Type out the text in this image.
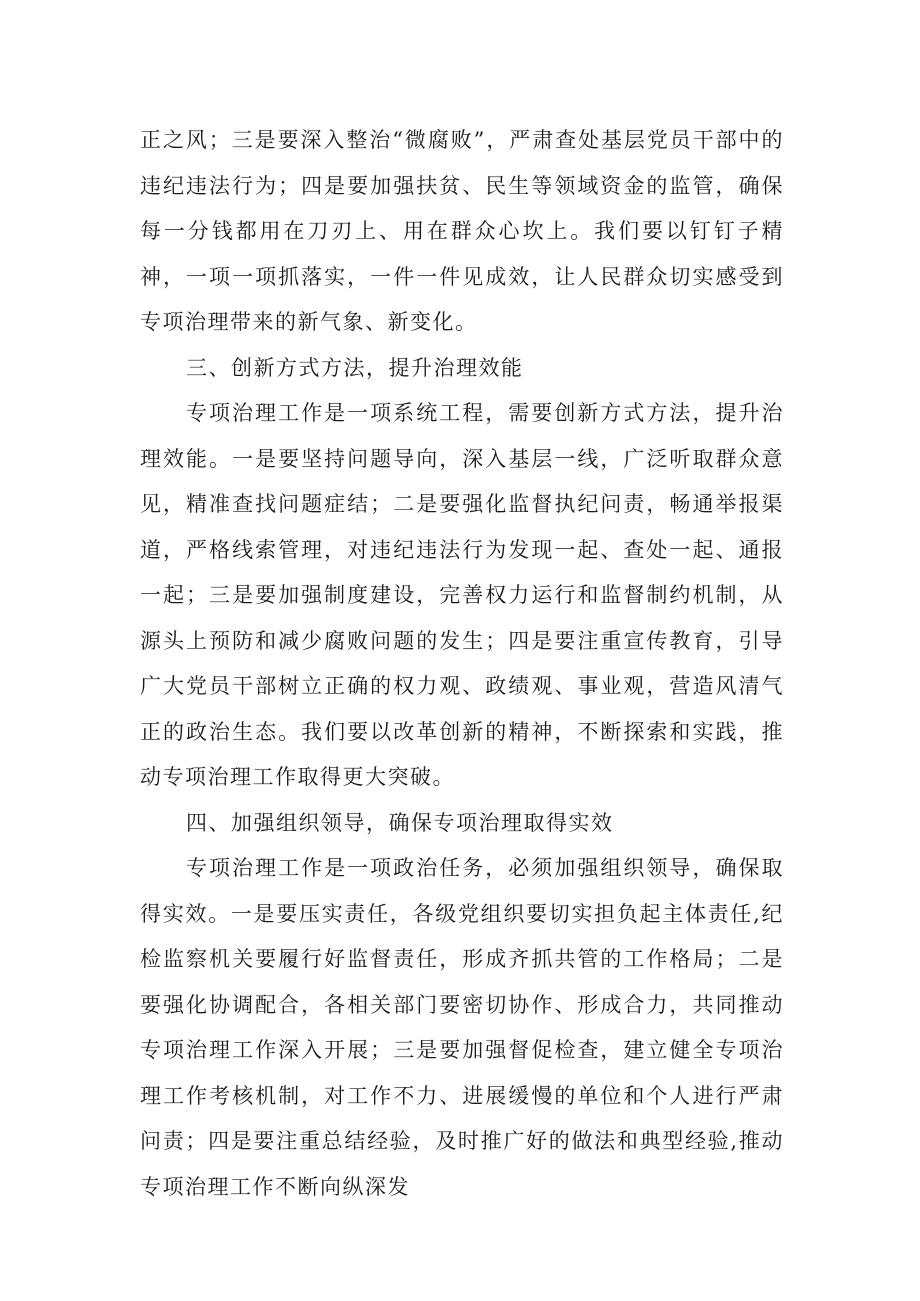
正之风；三是要深入整治“微腐败”，严肃查处基层党员干部中的违纪违法行为；四是要加强扶贫、民生等领域资金的监管，确保每一分钱都用在刀刃上、用在群众心坎上。我们要以钉钉子精神，一项一项抓落实，一件一件见成效，让人民群众切实感受到专项治理带来的新气象、新变化。

三、创新方式方法，提升治理效能

专项治理工作是一项系统工程，需要创新方式方法，提升治理效能。一是要坚持问题导向，深入基层一线，广泛听取群众意见，精准查找问题症结；二是要强化监督执纪问责，畅通举报渠道，严格线索管理，对违纪违法行为发现一起、查处一起、通报一起；三是要加强制度建设，完善权力运行和监督制约机制，从源头上预防和减少腐败问题的发生；四是要注重宣传教育，引导广大党员干部树立正确的权力观、政绩观、事业观，营造风清气正的政治生态。我们要以改革创新的精神，不断探索和实践，推动专项治理工作取得更大突破。

四、加强组织领导，确保专项治理取得实效

专项治理工作是一项政治任务，必须加强组织领导，确保取得实效。一是要压实责任，各级党组织要切实担负起主体责任,纪检监察机关要履行好监督责任，形成齐抓共管的工作格局；二是要强化协调配合，各相关部门要密切协作、形成合力，共同推动专项治理工作深入开展；三是要加强督促检查，建立健全专项治理工作考核机制，对工作不力、进展缓慢的单位和个人进行严肃问责；四是要注重总结经验，及时推广好的做法和典型经验,推动专项治理工作不断向纵深发
